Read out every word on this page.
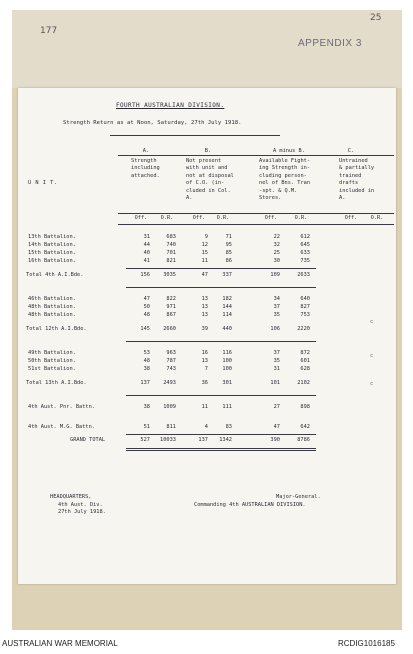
177
25
APPENDIX 3
FOURTH AUSTRALIAN DIVISION.
Strength Return as at Noon, Saturday, 27th July 1918.
A.	B.	A minus B.	C.
Strength
including
attached.
Not present
with unit and
not at disposal
of C.O. (in-
cluded in Col.
A.
Available Fight-
ing Strength in-
cluding person-
nel of Bns. Tran
-spt. & Q.M.
Stores.
Untrained
& partially
trained
drafts
included in
A.
U N I T.
Off.	O.R.	Off.	O.R.	Off.	O.R.	Off.	O.R.
13th Battalion.	31	683	9	71	22	612
14th Battalion.	44	740	12	95	32	645
15th Battalion.	40	701	15	85	25	633
16th Battalion.	41	821	11	86	30	735
Total 4th A.I.Bde.	156	3035	47	337	109	2633
46th Battalion.	47	822	13	182	34	640
48th Battalion.	50	971	13	144	37	827
48th Battalion.	48	867	13	114	35	753
Total 12th A.I.Bde.	145	2660	39	440	106	2220
49th Battalion.	53	963	16	116	37	872
50th Battalion.	48	787	13	100	35	601
51st Battalion.	38	743	7	100	31	628
Total 13th A.I.Bde.	137	2493	36	301	101	2102
4th Aust. Pnr. Battn.	38	1009	11	111	27	898
4th Aust. M.G. Battn.	51	811	4	83	47	642
GRAND TOTAL	527	10033	137	1342	390	8786
c
c
c
HEADQUARTERS,
4th Aust. Div.
27th July 1918.
Major-General.
Commanding 4th AUSTRALIAN DIVISION.
AUSTRALIAN WAR MEMORIAL	RCDIG1016185
